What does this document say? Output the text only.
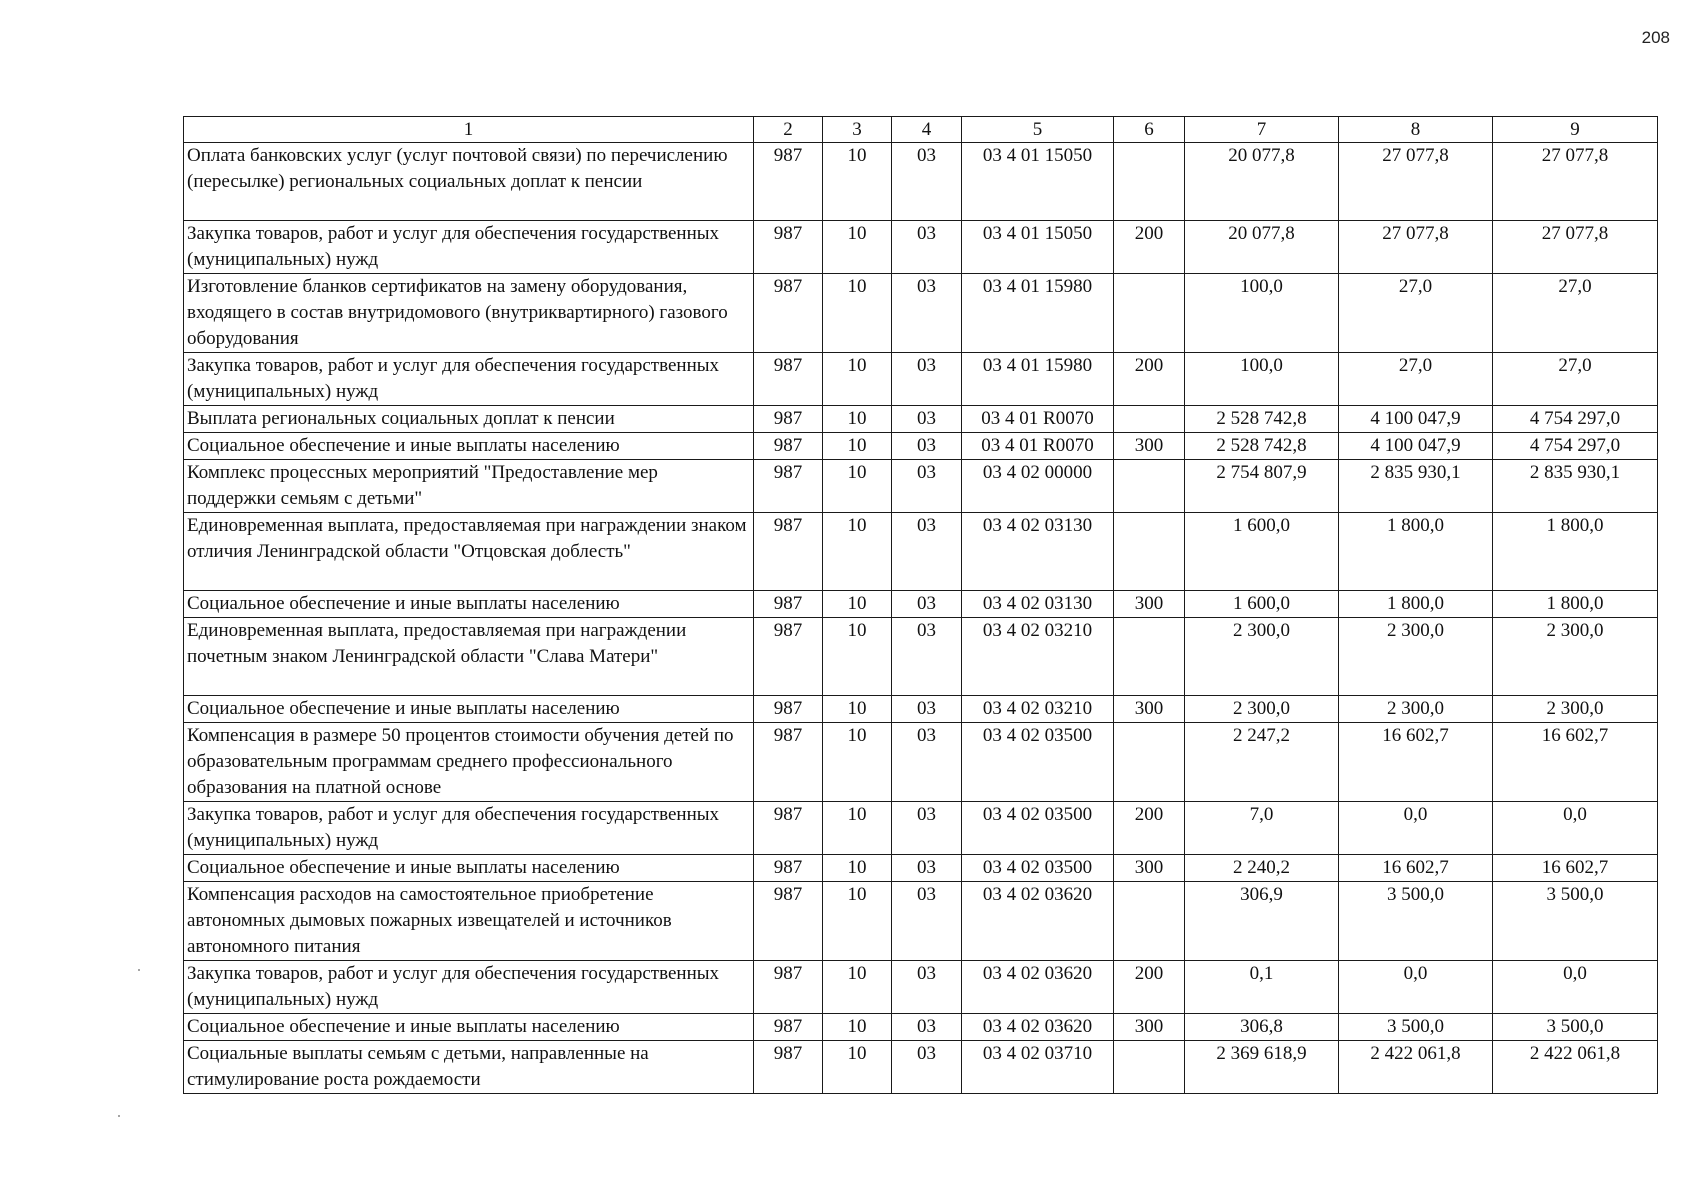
208
1	2	3	4	5	6	7	8	9
Оплата банковских услуг (услуг почтовой связи) по перечислению (пересылке) региональных социальных доплат к пенсии	987	10	03	03 4 01 15050		20 077,8	27 077,8	27 077,8
Закупка товаров, работ и услуг для обеспечения государственных (муниципальных) нужд	987	10	03	03 4 01 15050	200	20 077,8	27 077,8	27 077,8
Изготовление бланков сертификатов на замену оборудования, входящего в состав внутридомового (внутриквартирного) газового оборудования	987	10	03	03 4 01 15980		100,0	27,0	27,0
Закупка товаров, работ и услуг для обеспечения государственных (муниципальных) нужд	987	10	03	03 4 01 15980	200	100,0	27,0	27,0
Выплата региональных социальных доплат к пенсии	987	10	03	03 4 01 R0070		2 528 742,8	4 100 047,9	4 754 297,0
Социальное обеспечение и иные выплаты населению	987	10	03	03 4 01 R0070	300	2 528 742,8	4 100 047,9	4 754 297,0
Комплекс процессных мероприятий "Предоставление мер поддержки семьям с детьми"	987	10	03	03 4 02 00000		2 754 807,9	2 835 930,1	2 835 930,1
Единовременная выплата, предоставляемая при награждении знаком отличия Ленинградской области "Отцовская доблесть"	987	10	03	03 4 02 03130		1 600,0	1 800,0	1 800,0
Социальное обеспечение и иные выплаты населению	987	10	03	03 4 02 03130	300	1 600,0	1 800,0	1 800,0
Единовременная выплата, предоставляемая при награждении почетным знаком Ленинградской области "Слава Матери"	987	10	03	03 4 02 03210		2 300,0	2 300,0	2 300,0
Социальное обеспечение и иные выплаты населению	987	10	03	03 4 02 03210	300	2 300,0	2 300,0	2 300,0
Компенсация в размере 50 процентов стоимости обучения детей по образовательным программам среднего профессионального образования на платной основе	987	10	03	03 4 02 03500		2 247,2	16 602,7	16 602,7
Закупка товаров, работ и услуг для обеспечения государственных (муниципальных) нужд	987	10	03	03 4 02 03500	200	7,0	0,0	0,0
Социальное обеспечение и иные выплаты населению	987	10	03	03 4 02 03500	300	2 240,2	16 602,7	16 602,7
Компенсация расходов на самостоятельное приобретение автономных дымовых пожарных извещателей и источников автономного питания	987	10	03	03 4 02 03620		306,9	3 500,0	3 500,0
Закупка товаров, работ и услуг для обеспечения государственных (муниципальных) нужд	987	10	03	03 4 02 03620	200	0,1	0,0	0,0
Социальное обеспечение и иные выплаты населению	987	10	03	03 4 02 03620	300	306,8	3 500,0	3 500,0
Социальные выплаты семьям с детьми, направленные на стимулирование роста рождаемости	987	10	03	03 4 02 03710		2 369 618,9	2 422 061,8	2 422 061,8
